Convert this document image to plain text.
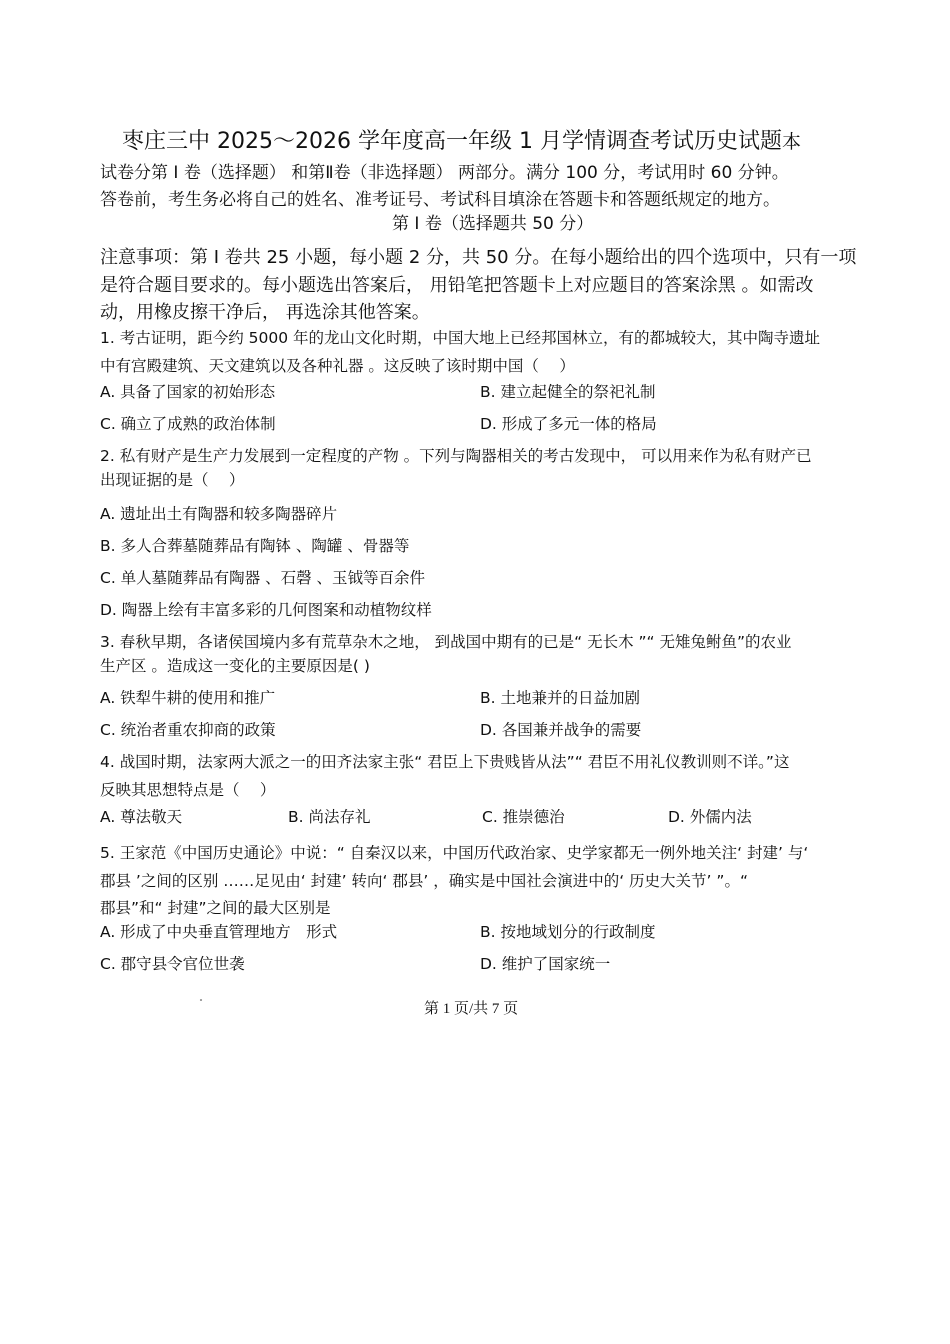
枣庄三中 2025～2026 学年度高一年级 1 月学情调查考试历史试题本
试卷分第 I 卷（选择题） 和第Ⅱ卷（非选择题） 两部分。满分 100 分，考试用时 60 分钟。
答卷前，考生务必将自己的姓名、准考证号、考试科目填涂在答题卡和答题纸规定的地方。
第 I 卷（选择题共 50 分）
注意事项：第 I 卷共 25 小题，每小题 2 分，共 50 分。在每小题给出的四个选项中，只有一项
是符合题目要求的。每小题选出答案后， 用铅笔把答题卡上对应题目的答案涂黑 。如需改
动，用橡皮擦干净后， 再选涂其他答案。
1. 考古证明，距今约 5000 年的龙山文化时期，中国大地上已经邦国林立，有的都城较大，其中陶寺遗址
中有宫殿建筑、天文建筑以及各种礼器 。这反映了该时期中国（　 ）
A. 具备了国家的初始形态	B. 建立起健全的祭祀礼制
C. 确立了成熟的政治体制	D. 形成了多元一体的格局
2. 私有财产是生产力发展到一定程度的产物 。下列与陶器相关的考古发现中， 可以用来作为私有财产已
出现证据的是（　 ）
A. 遗址出土有陶器和较多陶器碎片
B. 多人合葬墓随葬品有陶钵 、陶罐 、骨器等
C. 单人墓随葬品有陶器 、石磬 、玉钺等百余件
D. 陶器上绘有丰富多彩的几何图案和动植物纹样
3. 春秋早期，各诸侯国境内多有荒草杂木之地， 到战国中期有的已是“ 无长木 ”“ 无雉兔鲋鱼”的农业
生产区 。造成这一变化的主要原因是( )
A. 铁犁牛耕的使用和推广	B. 土地兼并的日益加剧
C. 统治者重农抑商的政策	D. 各国兼并战争的需要
4. 战国时期，法家两大派之一的田齐法家主张“ 君臣上下贵贱皆从法”“ 君臣不用礼仪教训则不详。”这
反映其思想特点是（　 ）
A. 尊法敬天	B. 尚法存礼	C. 推崇德治	D. 外儒内法
5. 王家范《中国历史通论》中说：“ 自秦汉以来，中国历代政治家、史学家都无一例外地关注‘ 封建’ 与‘
郡县 ’之间的区别 ……足见由‘ 封建’ 转向‘ 郡县’ ，确实是中国社会演进中的‘ 历史大关节’ ”。“
郡县”和“ 封建”之间的最大区别是
A. 形成了中央垂直管理地方　形式	B. 按地域划分的行政制度
C. 郡守县令官位世袭	D. 维护了国家统一
˚	第 1 页/共 7 页
